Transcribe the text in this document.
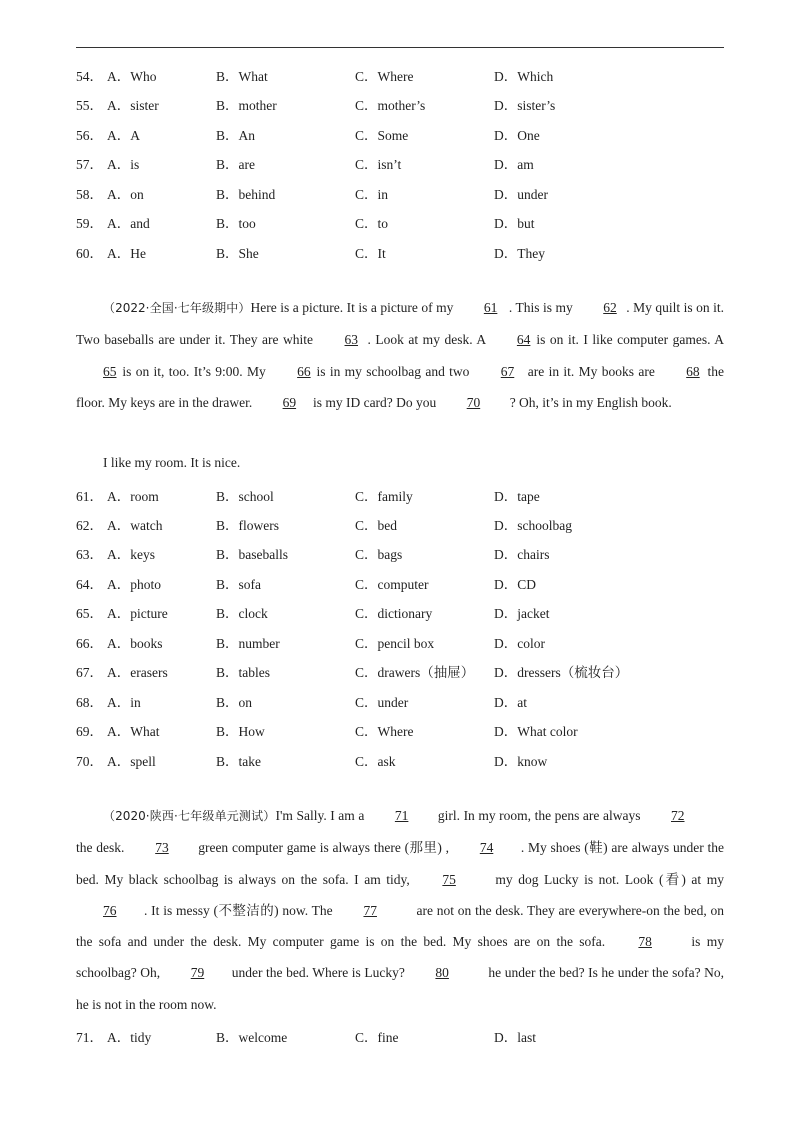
54． A．Who	B．What	C．Where	D．Which
55． A．sister	B．mother	C．mother’s	D．sister’s
56． A．A	B．An	C．Some	D．One
57． A．is	B．are	C．isn’t	D．am
58． A．on	B．behind	C．in	D．under
59． A．and	B．too	C．to	D．but
60． A．He	B．She	C．It	D．They

（2022·全国·七年级期中）Here is a picture. It is a picture of my 61 . This is my 62 . My quilt is on it. Two baseballs are under it. They are white 63 . Look at my desk. A 64 is on it. I like computer games. A 65 is on it, too. It’s 9:00. My 66 is in my schoolbag and two 67 are in it. My books are 68 the floor. My keys are in the drawer. 69 is my ID card? Do you 70 ? Oh, it’s in my English book.

I like my room. It is nice.
61． A．room	B．school	C．family	D．tape
62． A．watch	B．flowers	C．bed	D．schoolbag
63． A．keys	B．baseballs	C．bags	D．chairs
64． A．photo	B．sofa	C．computer	D．CD
65． A．picture	B．clock	C．dictionary	D．jacket
66． A．books	B．number	C．pencil box	D．color
67． A．erasers	B．tables	C．drawers（抽屉） D．dressers（梳妆台）
68． A．in	B．on	C．under	D．at
69． A．What	B．How	C．Where	D．What color
70． A．spell	B．take	C．ask	D．know

（2020·陕西·七年级单元测试）I'm Sally. I am a 71 girl. In my room, the pens are always 72the desk. 73 green computer game is always there (那里) , 74 . My shoes (鞋) are always under the bed. My black schoolbag is always on the sofa. I am tidy, 75	my dog Lucky is not. Look (看) at my 76 . It is messy (不整洁的) now. The 77	are not on the desk. They are everywhere-on the bed, on the sofa and under the desk. My computer game is on the bed. My shoes are on the sofa. 78	is my schoolbag? Oh, 79 under the bed. Where is Lucky? 80	he under the bed? Is he under the sofa? No, he is not in the room now.

71． A．tidy	B．welcome	C．fine	D．last
